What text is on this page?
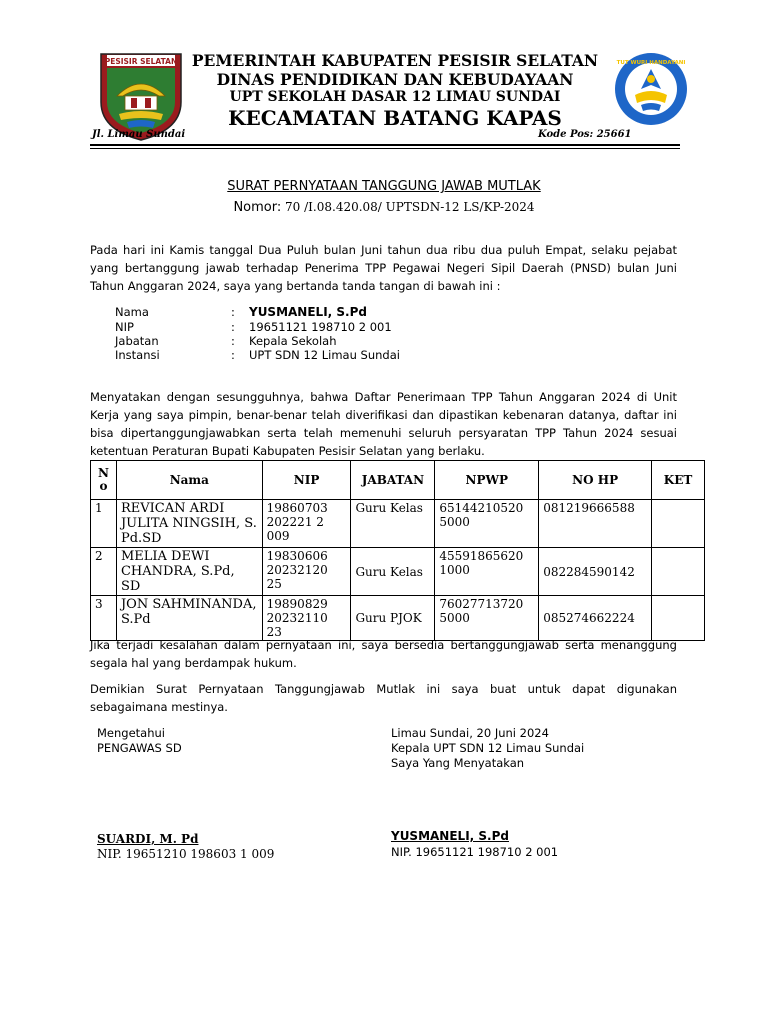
PESISIR SELATAN	TUT WURI HANDAYANI
PEMERINTAH KABUPATEN PESISIR SELATAN
DINAS PENDIDIKAN DAN KEBUDAYAAN
UPT SEKOLAH DASAR 12 LIMAU SUNDAI
KECAMATAN BATANG KAPAS
Jl. Limau Sundai	Kode Pos: 25661
SURAT PERNYATAAN TANGGUNG JAWAB MUTLAK
Nomor: 70 /I.08.420.08/ UPTSDN-12 LS/KP-2024
Pada hari ini Kamis tanggal Dua Puluh bulan Juni tahun dua ribu dua puluh Empat, selaku pejabat yang bertanggung jawab terhadap Penerima TPP Pegawai Negeri Sipil Daerah (PNSD) bulan Juni Tahun Anggaran 2024, saya yang bertanda tanda tangan di bawah ini :
Nama	: YUSMANELI, S.Pd
NIP	: 19651121 198710 2 001
Jabatan	: Kepala Sekolah
Instansi	: UPT SDN 12 Limau Sundai
Menyatakan dengan sesungguhnya, bahwa Daftar Penerimaan TPP Tahun Anggaran 2024 di Unit Kerja yang saya pimpin, benar-benar telah diverifikasi dan dipastikan kebenaran datanya, daftar ini bisa dipertanggungjawabkan serta telah memenuhi seluruh persyaratan TPP Tahun 2024 sesuai ketentuan Peraturan Bupati Kabupaten Pesisir Selatan yang berlaku.
N o	Nama	NIP	JABATAN	NPWP	NO HP	KET
1	REVICAN ARDI JULITA NINGSIH, S. Pd.SD	19860703 202221 2 009	Guru Kelas	65144210520 5000	081219666588	
2	MELIA DEWI CHANDRA, S.Pd, SD	19830606 20232120 25	Guru Kelas	45591865620 1000	082284590142	
3	JON SAHMINANDA, S.Pd	19890829 20232110 23	Guru PJOK	76027713720 5000	085274662224	
Jika terjadi kesalahan dalam pernyataan ini, saya bersedia bertanggungjawab serta menanggung segala hal yang berdampak hukum.
Demikian Surat Pernyataan Tanggungjawab Mutlak ini saya buat untuk dapat digunakan sebagaimana mestinya.
Mengetahui
PENGAWAS SD
SUARDI, M. Pd
NIP. 19651210 198603 1 009
Limau Sundai, 20 Juni 2024
Kepala UPT SDN 12 Limau Sundai
Saya Yang Menyatakan
YUSMANELI, S.Pd
NIP. 19651121 198710 2 001
